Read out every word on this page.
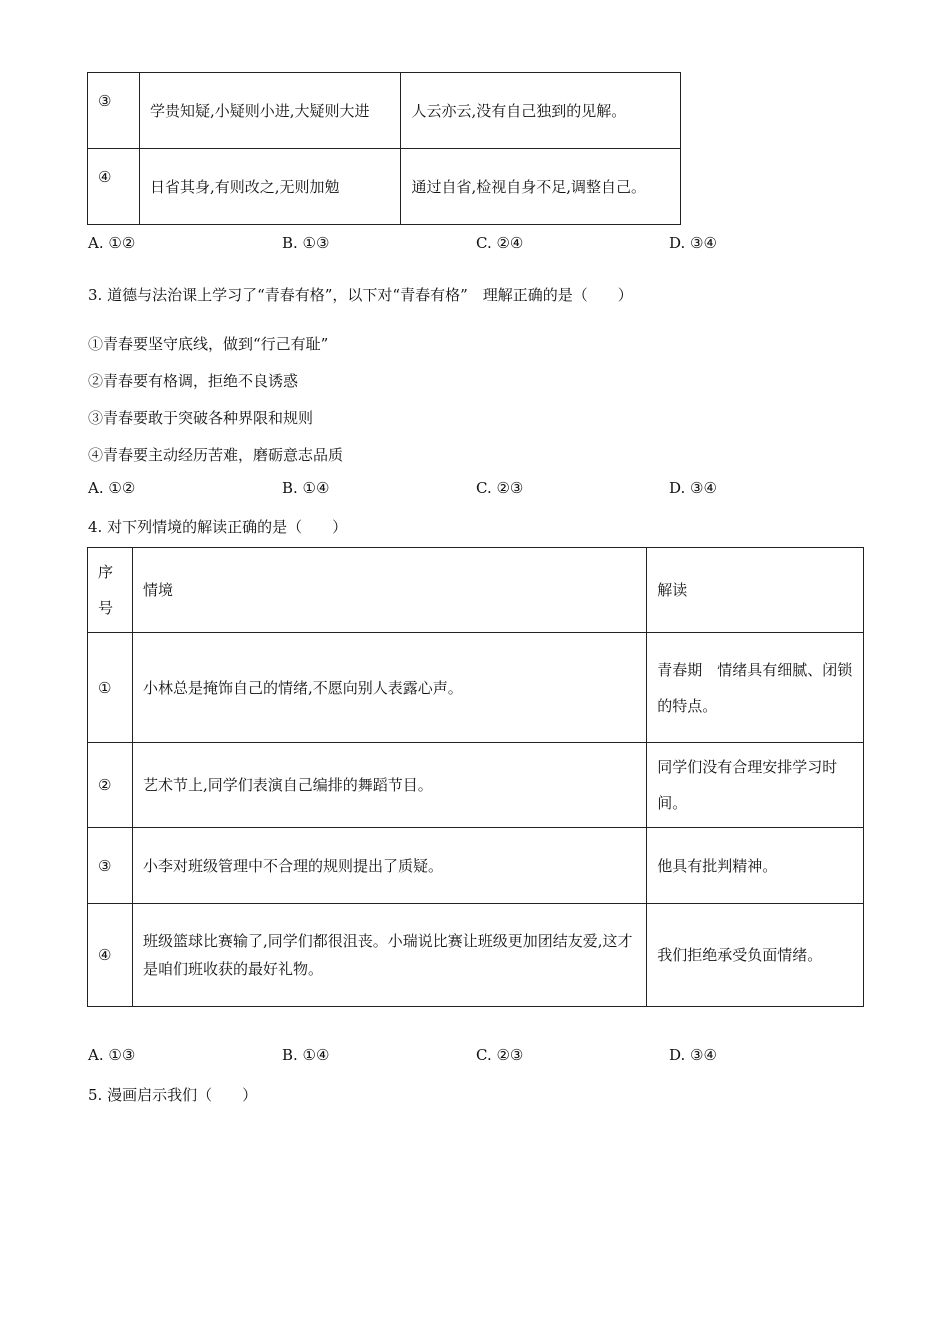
③	学贵知疑,小疑则小进,大疑则大进	人云亦云,没有自己独到的见解。
④	日省其身,有则改之,无则加勉	通过自省,检视自身不足,调整自己。
A. ①②	B. ①③	C. ②④	D. ③④
3. 道德与法治课上学习了“青春有格”，以下对“青春有格”　理解正确的是（　　）
①青春要坚守底线，做到“行己有耻”
②青春要有格调，拒绝不良诱惑
③青春要敢于突破各种界限和规则
④青春要主动经历苦难，磨砺意志品质
A. ①②	B. ①④	C. ②③	D. ③④
4. 对下列情境的解读正确的是（　　）
序号	情境	解读
①	小林总是掩饰自己的情绪,不愿向别人表露心声。	青春期　情绪具有细腻、闭锁的特点。
②	艺术节上,同学们表演自己编排的舞蹈节目。	同学们没有合理安排学习时间。
③	小李对班级管理中不合理的规则提出了质疑。	他具有批判精神。
④	班级篮球比赛输了,同学们都很沮丧。小瑞说比赛让班级更加团结友爱,这才是咱们班收获的最好礼物。	我们拒绝承受负面情绪。
A. ①③	B. ①④	C. ②③	D. ③④
5. 漫画启示我们（　　）
